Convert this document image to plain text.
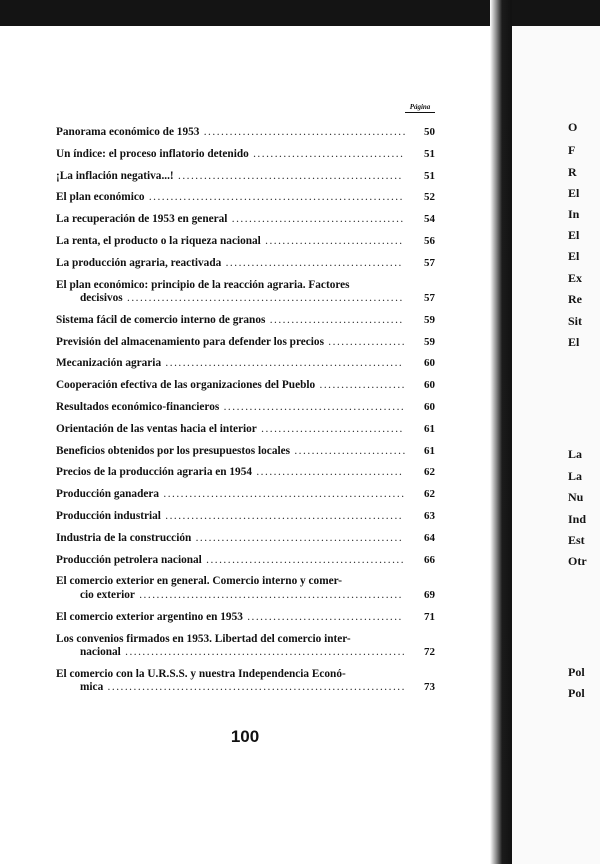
O
F
R
El
In
El
El
Ex
Re
Sit
El
La
La
Nu
Ind
Est
Otr
Pol
Pol
Página
Panorama económico de 1953 ............................................... 50
Un índice: el proceso inflatorio detenido ................................... 51
¡La inflación negativa...! .................................................... 51
El plan económico ........................................................... 52
La recuperación de 1953 en general ........................................ 54
La renta, el producto o la riqueza nacional ................................ 56
La producción agraria, reactivada ......................................... 57
El plan económico: principio de la reacción agraria. Factores
decisivos ................................................................ 57
Sistema fácil de comercio interno de granos ............................... 59
Previsión del almacenamiento para defender los precios .................. 59
Mecanización agraria ....................................................... 60
Cooperación efectiva de las organizaciones del Pueblo .................... 60
Resultados económico-financieros .......................................... 60
Orientación de las ventas hacia el interior ................................. 61
Beneficios obtenidos por los presupuestos locales .......................... 61
Precios de la producción agraria en 1954 .................................. 62
Producción ganadera ........................................................ 62
Producción industrial ....................................................... 63
Industria de la construcción ................................................ 64
Producción petrolera nacional .............................................. 66
El comercio exterior en general. Comercio interno y comer-
cio exterior .............................................................	69
El comercio exterior argentino en 1953 .................................... 71
Los convenios firmados en 1953. Libertad del comercio inter-
nacional ................................................................. 72
El comercio con la U.R.S.S. y nuestra Independencia Econó-
mica ..................................................................... 73
100
